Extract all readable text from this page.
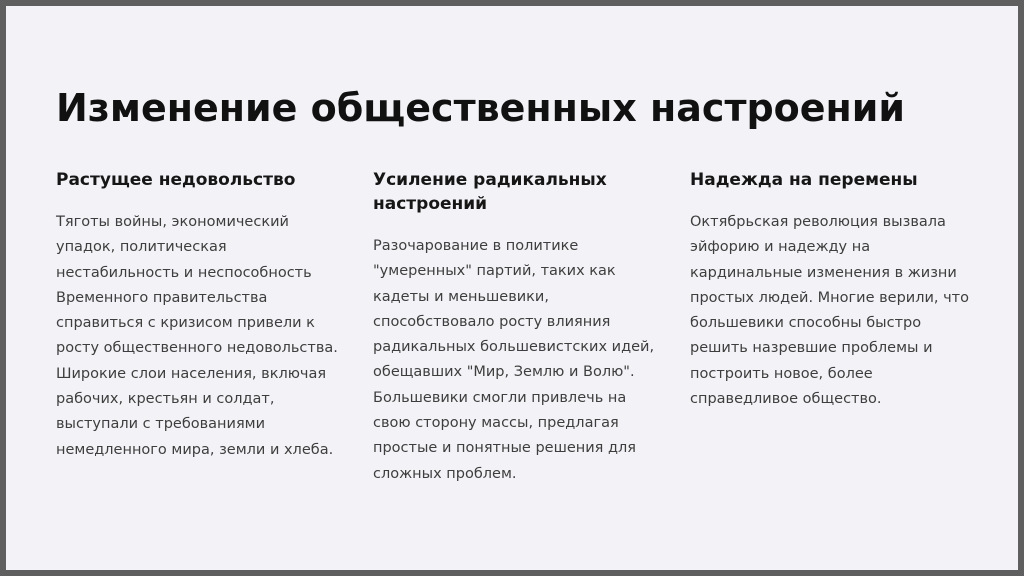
Изменение общественных настроений
Растущее недовольство

Тяготы войны, экономический упадок, политическая нестабильность и неспособность Временного правительства справиться с кризисом привели к росту общественного недовольства. Широкие слои населения, включая рабочих, крестьян и солдат, выступали с требованиями немедленного мира, земли и хлеба.

Усиление радикальных настроений

Разочарование в политике "умеренных" партий, таких как кадеты и меньшевики, способствовало росту влияния радикальных большевистских идей, обещавших "Мир, Землю и Волю". Большевики смогли привлечь на свою сторону массы, предлагая простые и понятные решения для сложных проблем.

Надежда на перемены

Октябрьская революция вызвала эйфорию и надежду на кардинальные изменения в жизни простых людей. Многие верили, что большевики способны быстро решить назревшие проблемы и построить новое, более справедливое общество.
